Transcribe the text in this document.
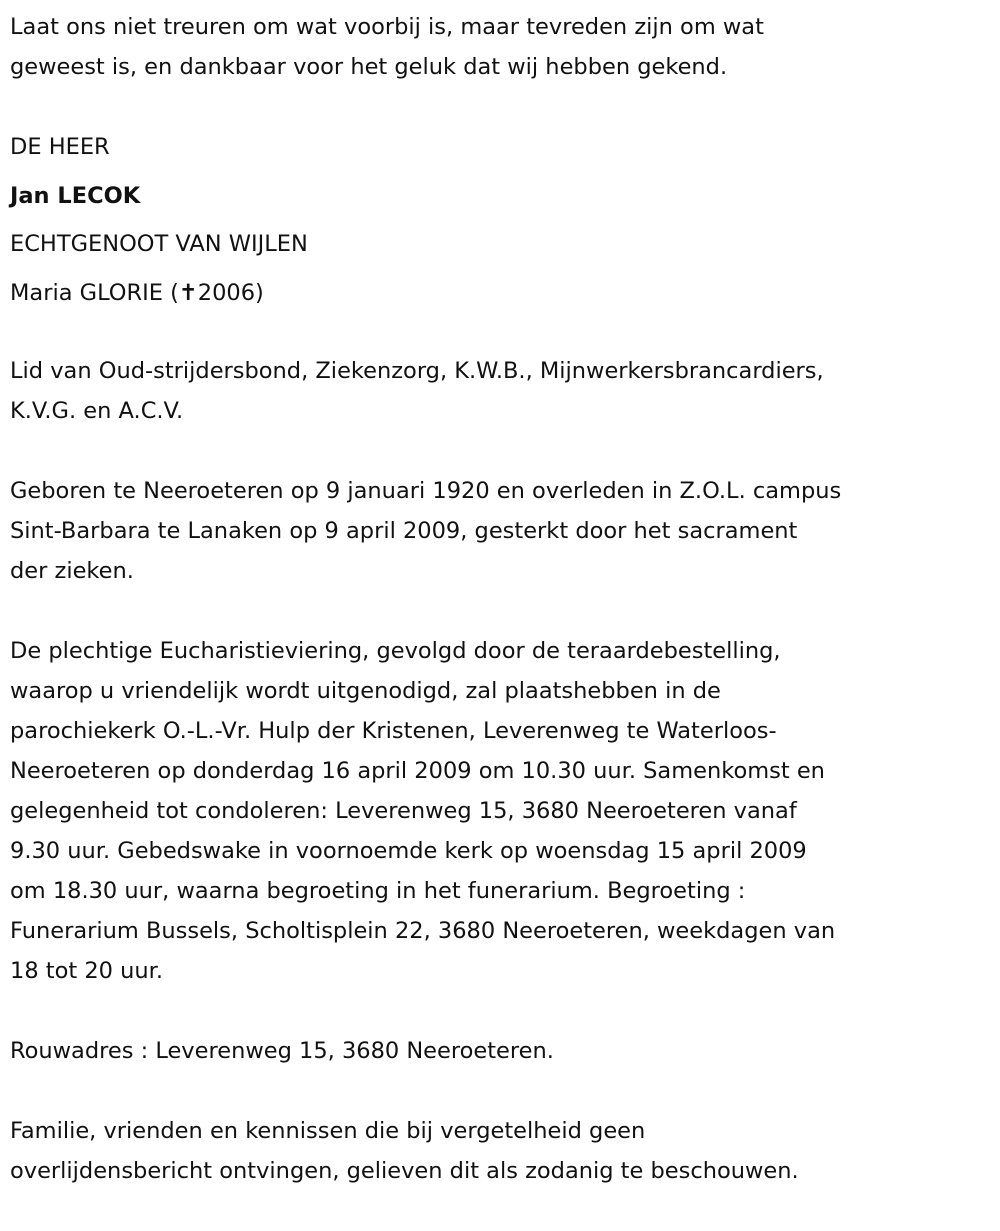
Laat ons niet treuren om wat voorbij is, maar tevreden zijn om wat
geweest is, en dankbaar voor het geluk dat wij hebben gekend.

DE HEER
Jan LECOK
ECHTGENOOT VAN WIJLEN
Maria GLORIE (✝2006)

Lid van Oud-strijdersbond, Ziekenzorg, K.W.B., Mijnwerkersbrancardiers,
K.V.G. en A.C.V.

Geboren te Neeroeteren op 9 januari 1920 en overleden in Z.O.L. campus
Sint-Barbara te Lanaken op 9 april 2009, gesterkt door het sacrament
der zieken.

De plechtige Eucharistieviering, gevolgd door de teraardebestelling,
waarop u vriendelijk wordt uitgenodigd, zal plaatshebben in de
parochiekerk O.-L.-Vr. Hulp der Kristenen, Leverenweg te Waterloos-
Neeroeteren op donderdag 16 april 2009 om 10.30 uur. Samenkomst en
gelegenheid tot condoleren: Leverenweg 15, 3680 Neeroeteren vanaf
9.30 uur. Gebedswake in voornoemde kerk op woensdag 15 april 2009
om 18.30 uur, waarna begroeting in het funerarium. Begroeting :
Funerarium Bussels, Scholtisplein 22, 3680 Neeroeteren, weekdagen van
18 tot 20 uur.

Rouwadres : Leverenweg 15, 3680 Neeroeteren.

Familie, vrienden en kennissen die bij vergetelheid geen
overlijdensbericht ontvingen, gelieven dit als zodanig te beschouwen.
